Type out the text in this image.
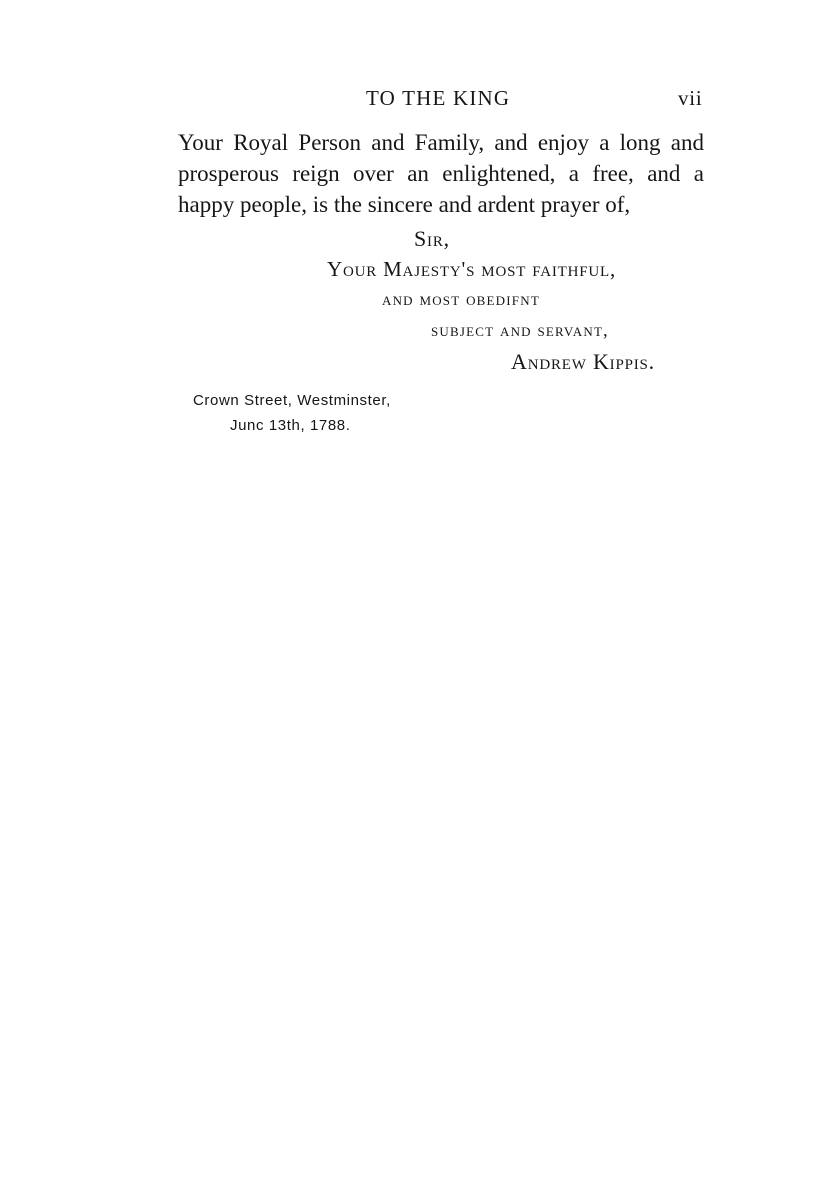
TO THE KING	vii
Your Royal Person and Family, and enjoy a long and
prosperous reign over an enlightened, a free, and a
happy people, is the sincere and ardent prayer of,
Sir,
Your Majesty's most faithful,
and most obedifnt
subject and servant,
Andrew Kippis.
Crown Street, Westminster,
Junc 13th, 1788.
